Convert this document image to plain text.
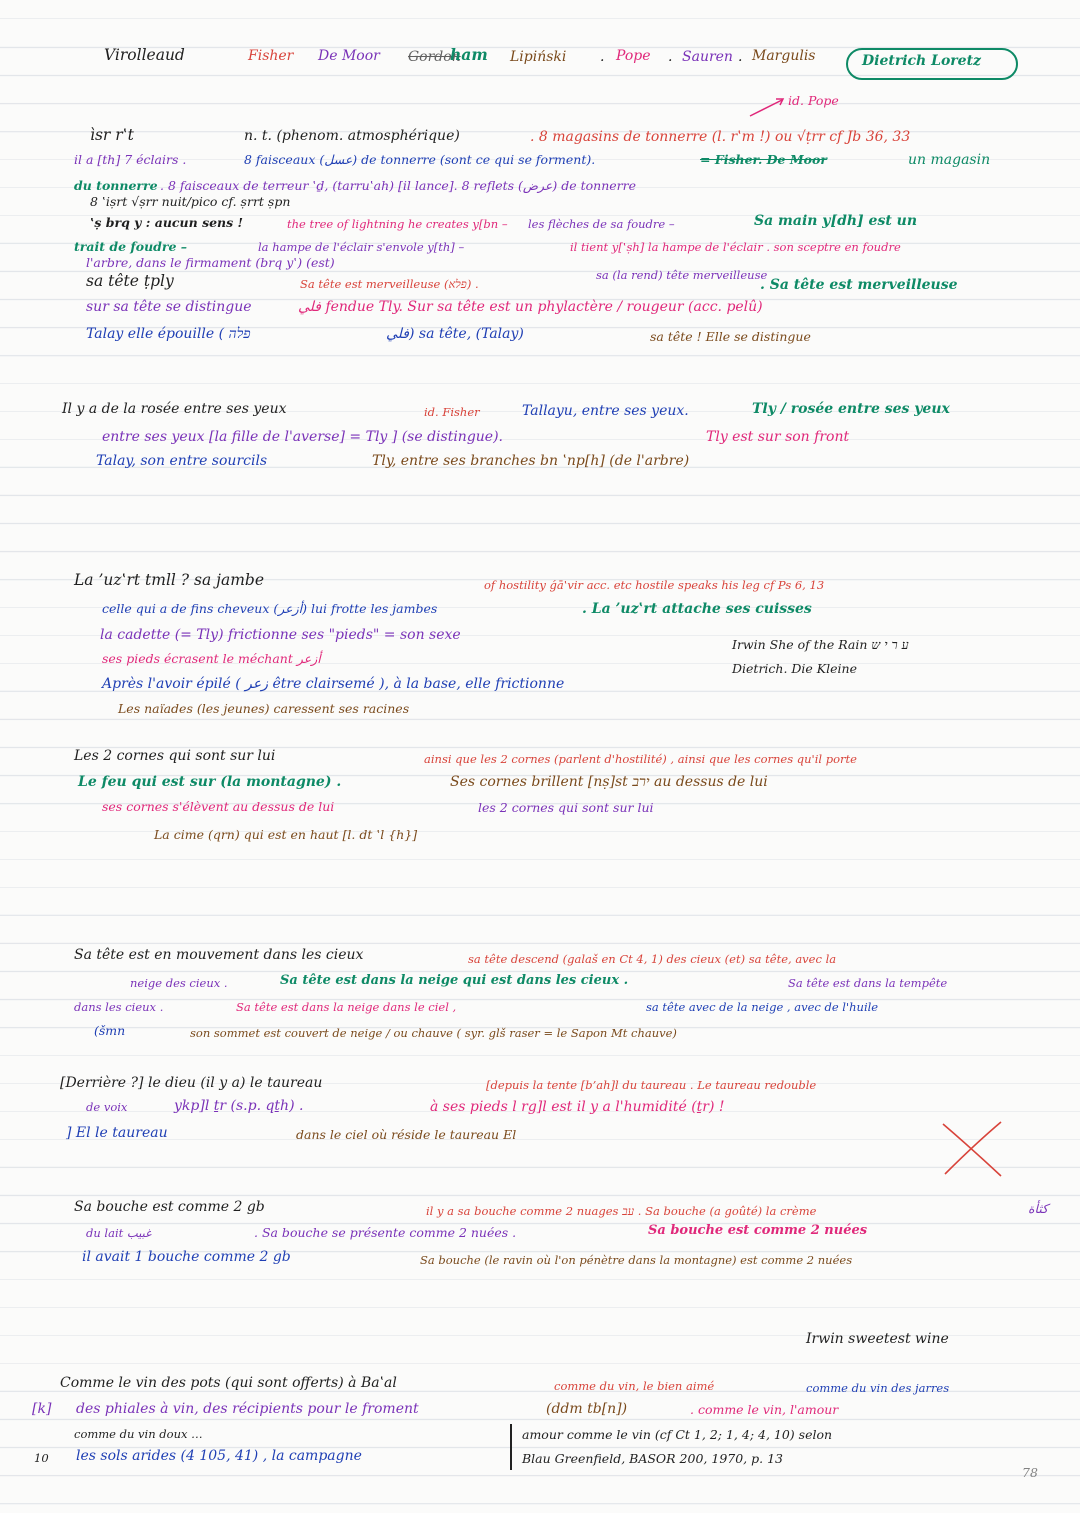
Virolleaud	Fisher De Moor Gordon
ham Lipiński . Pope . Sauren . Margulis	Dietrich Loretz
id. Pope
ìsr r‛t	n. t. (phenom. atmosphérique)	. 8 magasins de tonnerre (l. r‛m !) ou √ṭrr cf Jb 36, 33
il a [th] 7 éclairs .	8 faisceaux (عسل) de tonnerre (sont ce qui se forment).	= Fisher. De Moor	un magasin
du tonnerre . 8 faisceaux de terreur ‛ḏ, (tarru‛ah) [il lance]. 8 reflets (عرض) de tonnerre
8 ‛iṣrt √ṣrr nuit/pico cf. ṣrrt ṣpn
‛ṣ brq y : aucun sens !	the tree of lightning he creates y[bn – les flèches de sa foudre –	Sa main y[dh] est un
trait de foudre –	la hampe de l'éclair s'envole y[th] –	il tient y[‛ṣh] la hampe de l'éclair . son sceptre en foudre
l'arbre, dans le firmament (brq y‛) (est)
sa tête ṭply	Sa tête est merveilleuse (פלא) .
sa (la rend) tête merveilleuse
. Sa tête est merveilleuse
sur sa tête se distingue	فلي fendue Tly. Sur sa tête est un phylactère / rougeur (acc. pelû)
Talay elle épouille ( פלה	فلي) sa tête, (Talay)	sa tête ! Elle se distingue
Il y a de la rosée entre ses yeux	id. Fisher	Tallayu, entre ses yeux.	Tly / rosée entre ses yeux
entre ses yeux [la fille de l'averse] = Tly ] (se distingue).	Tly est sur son front
Talay, son entre sourcils	Tly, entre ses branches bn ‛np[h] (de l'arbre)
La ’uz‛rt tmll ? sa jambe	of hostility ǵā‛vir acc. etc hostile speaks his leg cf Ps 6, 13
celle qui a de fins cheveux (أزعر) lui frotte les jambes	. La ’uz‛rt attache ses cuisses
la cadette (= Tly) frictionne ses "pieds" = son sexe
ses pieds écrasent le méchant أزعر
Après l'avoir épilé ( زعر être clairsemé ), à la base, elle frictionne
Les naïades (les jeunes) caressent ses racines
Irwin She of the Rain ע ר י ש
Dietrich. Die Kleine
Les 2 cornes qui sont sur lui	ainsi que les 2 cornes (parlent d'hostilité) , ainsi que les cornes qu'il porte
Le feu qui est sur (la montagne) .	Ses cornes brillent [nṣ]st ירב au dessus de lui
ses cornes s'élèvent au dessus de lui	les 2 cornes qui sont sur lui
La cime (qrn) qui est en haut [l. dt ‛l {h}]
Sa tête est en mouvement dans les cieux	sa tête descend (galaš en Ct 4, 1) des cieux (et) sa tête, avec la
neige des cieux .	Sa tête est dans la neige qui est dans les cieux .	Sa tête est dans la tempête
dans les cieux .	Sa tête est dans la neige dans le ciel ,	sa tête avec de la neige , avec de l'huile
(šmn	son sommet est couvert de neige / ou chauve ( syr. glš raser = le Sapon Mt chauve)
[Derrière ?] le dieu (il y a) le taureau	[depuis la tente [b’ah]l du taureau . Le taureau redouble
de voix	ykp]l ṯr (s.p. qṯh) .	à ses pieds l rg]l est il y a l'humidité (ṯr) !
] El le taureau	dans le ciel où réside le taureau El
Sa bouche est comme 2 gb	il y a sa bouche comme 2 nuages עב . Sa bouche (a goûté) la crème	كثأة
du lait غبيب	. Sa bouche se présente comme 2 nuées .	Sa bouche est comme 2 nuées
il avait 1 bouche comme 2 gb	Sa bouche (le ravin où l'on pénètre dans la montagne) est comme 2 nuées
Irwin sweetest wine
Comme le vin des pots (qui sont offerts) à Ba‛al	comme du vin, le bien aimé	comme du vin des jarres
[k] des phiales à vin, des récipients pour le froment	(ddm tb[n])	. comme le vin, l'amour
comme du vin doux …
10 les sols arides (4 105, 41) , la campagne
amour comme le vin (cf Ct 1, 2; 1, 4; 4, 10) selon
Blau Greenfield, BASOR 200, 1970, p. 13
78
